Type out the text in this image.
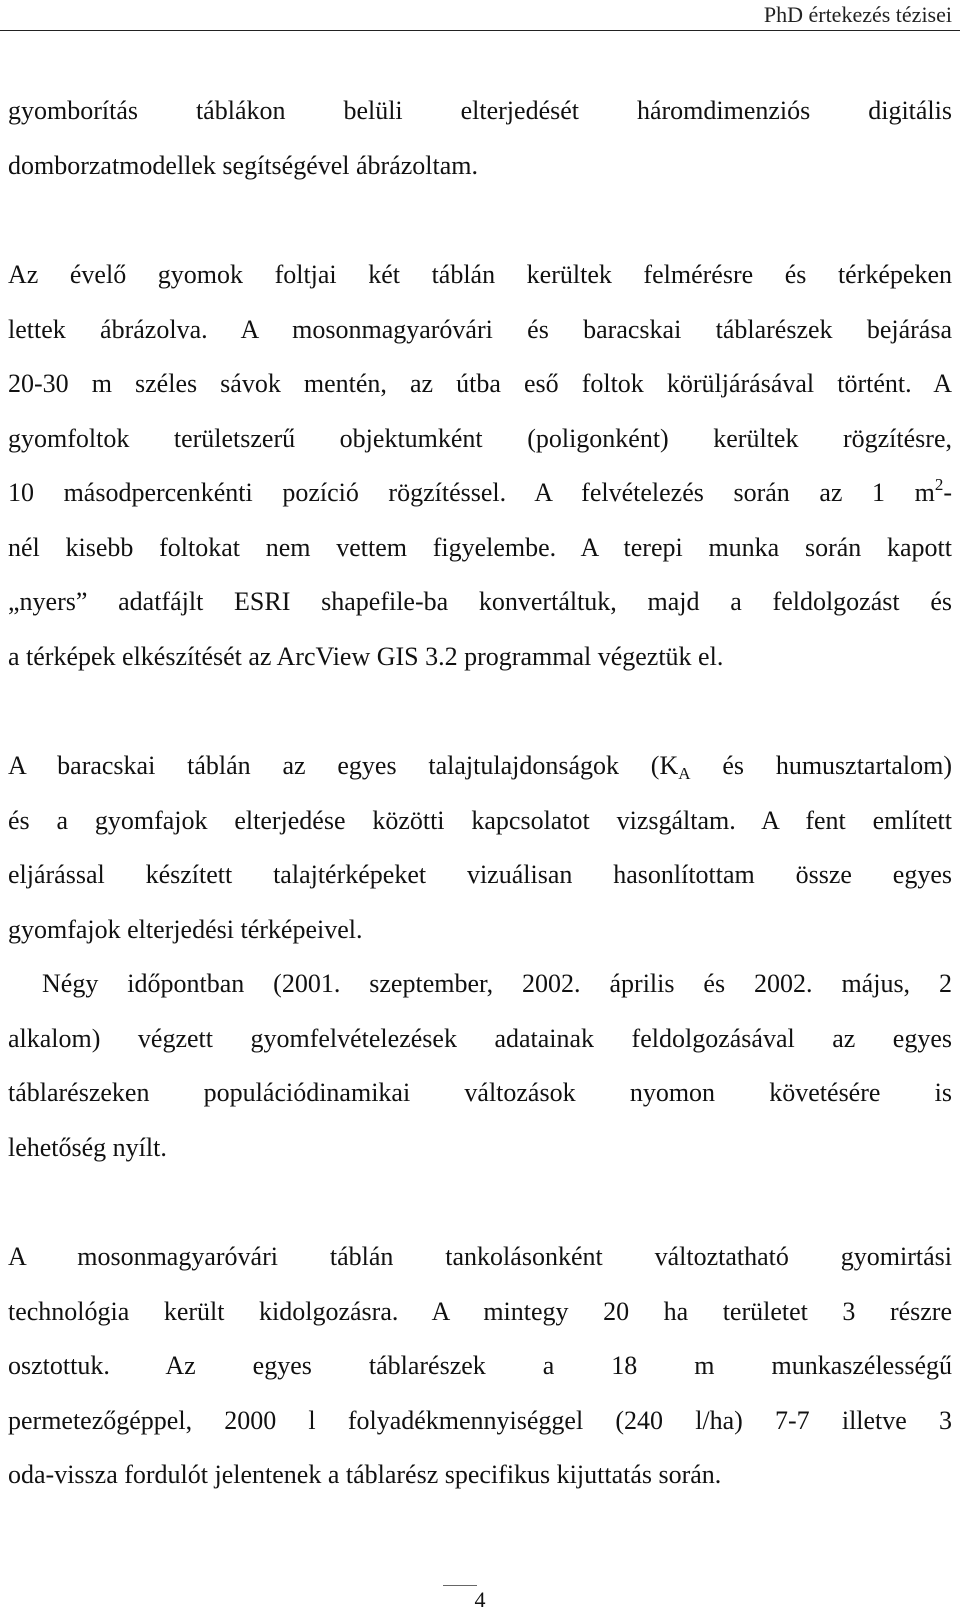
PhD értekezés tézisei
gyomborítás táblákon belüli elterjedését háromdimenziós digitális
domborzatmodellek segítségével ábrázoltam.
Az évelő gyomok foltjai két táblán kerültek felmérésre és térképeken
lettek ábrázolva. A mosonmagyaróvári és baracskai táblarészek bejárása
20-30 m széles sávok mentén, az útba eső foltok körüljárásával történt. A
gyomfoltok területszerű objektumként (poligonként) kerültek rögzítésre,
10 másodpercenkénti pozíció rögzítéssel. A felvételezés során az 1 $m^2-$
nél kisebb foltokat nem vettem figyelembe. A terepi munka során kapott
„nyers” adatfájlt ESRI shapefile-ba konvertáltuk, majd a feldolgozást és
a térképek elkészítését az ArcView GIS 3.2 programmal végeztük el.
A baracskai táblán az egyes talajtulajdonságok ($K_A$ és humusztartalom)
és a gyomfajok elterjedése közötti kapcsolatot vizsgáltam. A fent említett
eljárással készített talajtérképeket vizuálisan hasonlítottam össze egyes
gyomfajok elterjedési térképeivel.
Négy időpontban (2001. szeptember, 2002. április és 2002. május, 2
alkalom) végzett gyomfelvételezések adatainak feldolgozásával az egyes
táblarészeken populációdinamikai változások nyomon követésére is
lehetőség nyílt.
A mosonmagyaróvári táblán tankolásonként változtatható gyomirtási
technológia került kidolgozásra. A mintegy 20 ha területet 3 részre
osztottuk. Az egyes táblarészek a 18 m munkaszélességű
permetezőgéppel, 2000 l folyadékmennyiséggel (240 l/ha) 7-7 illetve 3
oda-vissza fordulót jelentenek a táblarész specifikus kijuttatás során.
4
